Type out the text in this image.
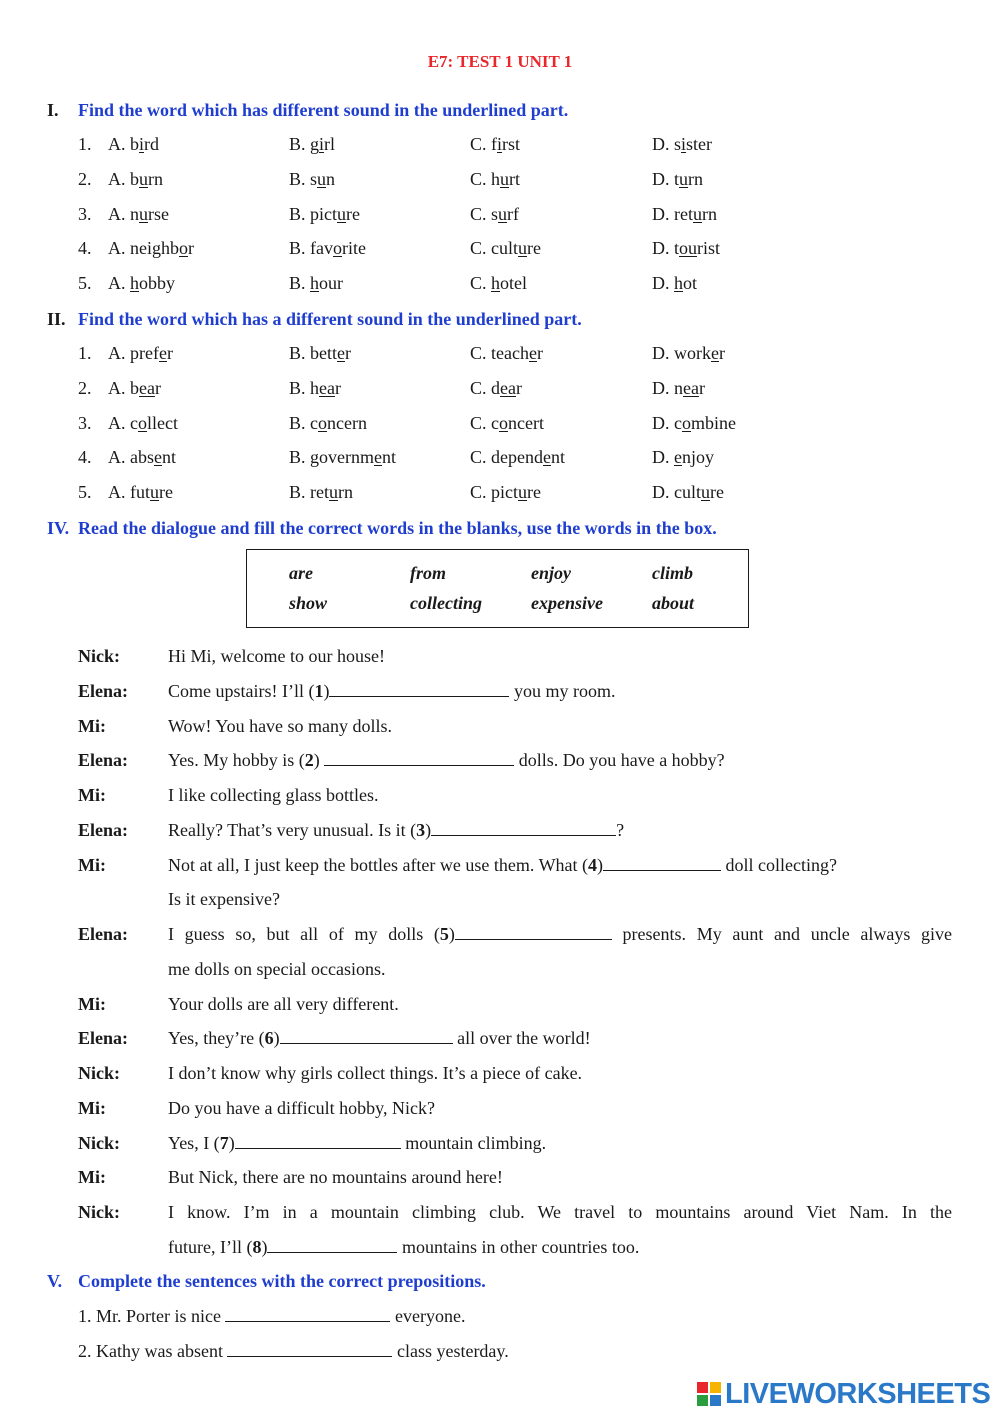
E7: TEST 1 UNIT 1
I. Find the word which has different sound in the underlined part.
1. A. bird	B. girl	C. first	D. sister
2. A. burn	B. sun	C. hurt	D. turn
3. A. nurse	B. picture	C. surf	D. return
4. A. neighbor	B. favorite	C. culture	D. tourist
5. A. hobby	B. hour	C. hotel	D. hot
II. Find the word which has a different sound in the underlined part.
1. A. prefer	B. better	C. teacher	D. worker
2. A. bear	B. hear	C. dear	D. near
3. A. collect	B. concern	C. concert	D. combine
4. A. absent	B. government	C. dependent	D. enjoy
5. A. future	B. return	C. picture	D. culture
IV. Read the dialogue and fill the correct words in the blanks, use the words in the box.
are	from	enjoy	climb
show	collecting	expensive	about
Nick:	Hi Mi, welcome to our house!
Elena: Come upstairs! I’ll (1)	you my room.
Mi:	Wow! You have so many dolls.
Elena: Yes. My hobby is (2)	dolls. Do you have a hobby?
Mi:	I like collecting glass bottles.
Elena: Really? That’s very unusual. Is it (3)	?
Mi:	Not at all, I just keep the bottles after we use them. What (4)	doll collecting?
Is it expensive?
Elena: I guess so, but all of my dolls (5)	presents. My aunt and uncle always give
me dolls on special occasions.
Mi:	Your dolls are all very different.
Elena: Yes, they’re (6)	all over the world!
Nick:	I don’t know why girls collect things. It’s a piece of cake.
Mi:	Do you have a difficult hobby, Nick?
Nick:	Yes, I (7)	mountain climbing.
Mi:	But Nick, there are no mountains around here!
Nick:	I know. I’m in a mountain climbing club. We travel to mountains around Viet Nam. In the
future, I’ll (8)	mountains in other countries too.
V. Complete the sentences with the correct prepositions.
1. Mr. Porter is nice	everyone.
2. Kathy was absent	class yesterday.
LIVEWORKSHEETS
